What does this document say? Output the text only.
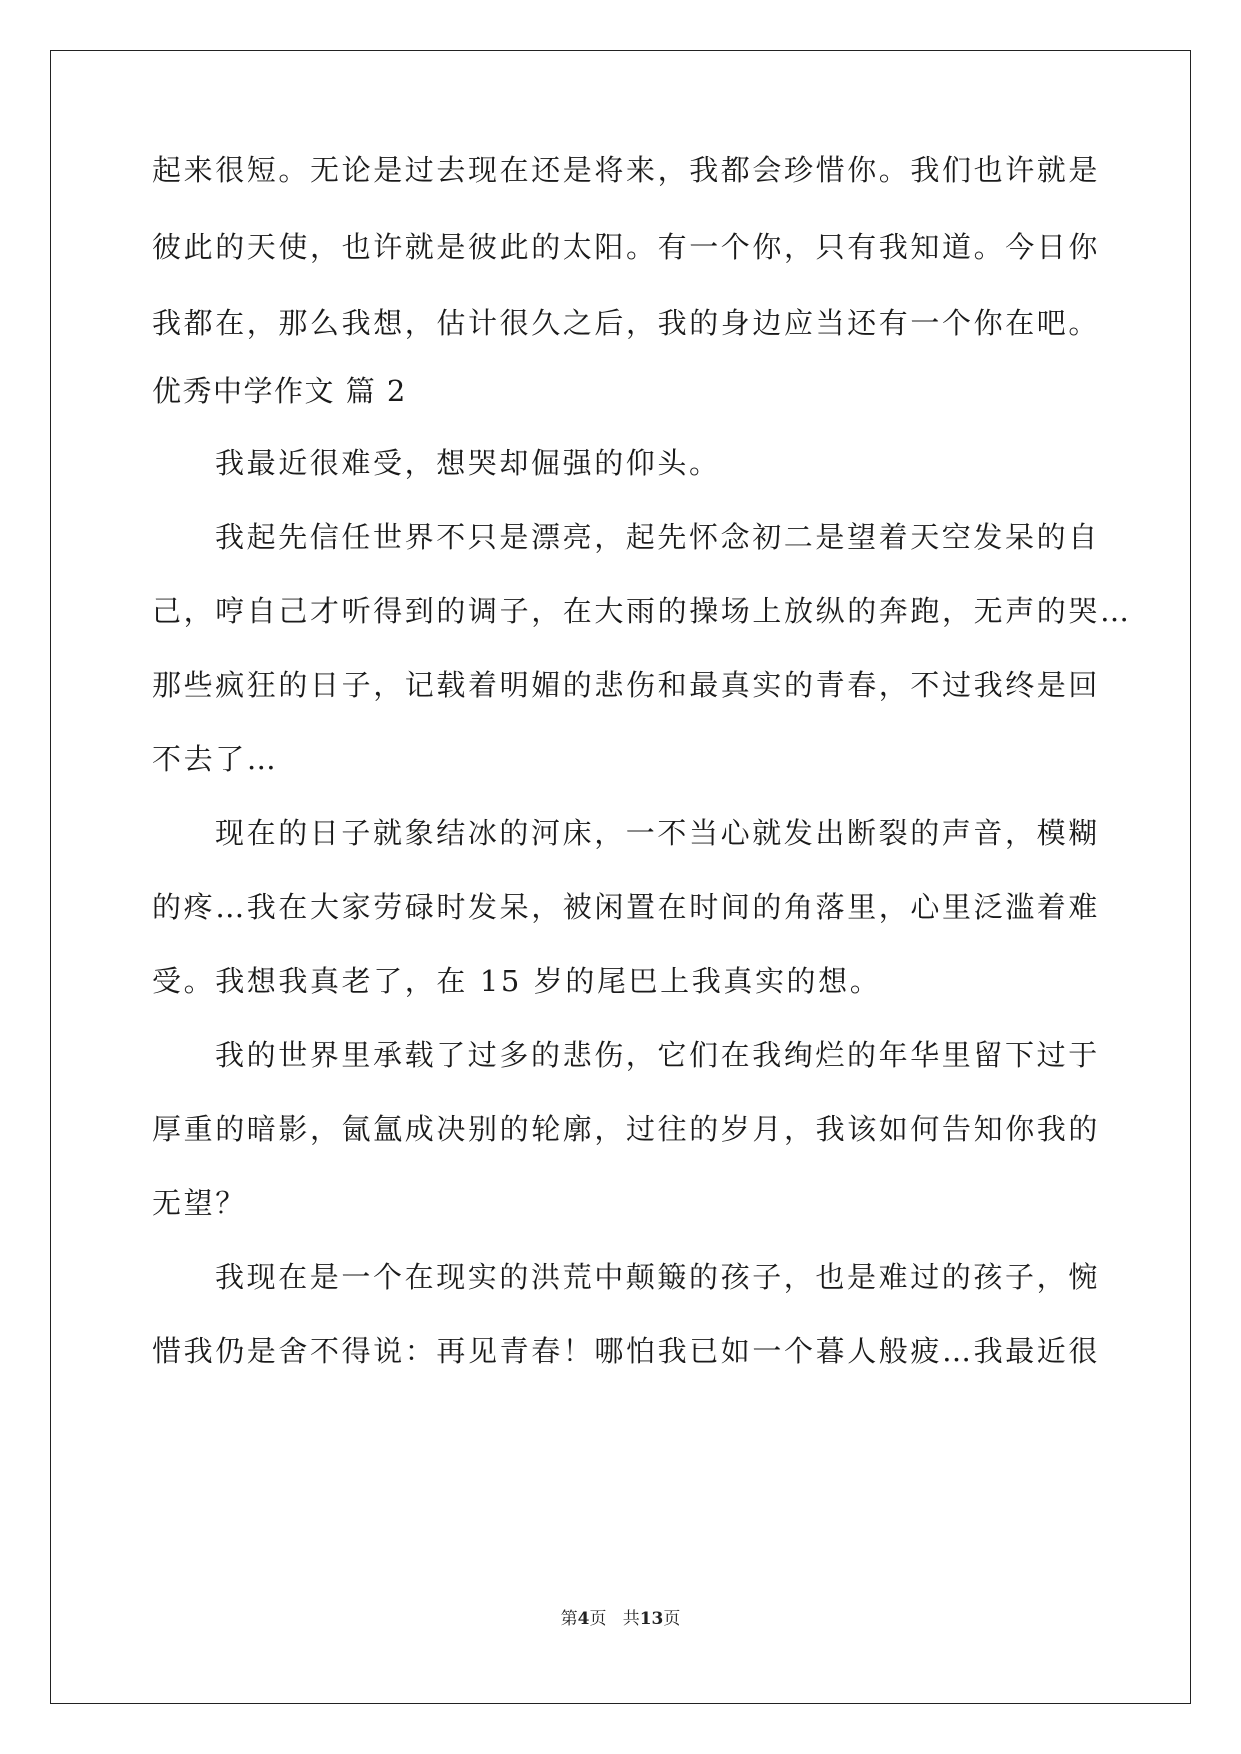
起来很短。无论是过去现在还是将来，我都会珍惜你。我们也许就是
彼此的天使，也许就是彼此的太阳。有一个你，只有我知道。今日你
我都在，那么我想，估计很久之后，我的身边应当还有一个你在吧。
优秀中学作文 篇 2
我最近很难受，想哭却倔强的仰头。
我起先信任世界不只是漂亮，起先怀念初二是望着天空发呆的自
己，哼自己才听得到的调子，在大雨的操场上放纵的奔跑，无声的哭…
那些疯狂的日子，记载着明媚的悲伤和最真实的青春，不过我终是回
不去了…
现在的日子就象结冰的河床，一不当心就发出断裂的声音，模糊
的疼…我在大家劳碌时发呆，被闲置在时间的角落里，心里泛滥着难
受。我想我真老了，在 15 岁的尾巴上我真实的想。
我的世界里承载了过多的悲伤，它们在我绚烂的年华里留下过于
厚重的暗影，氤氲成决别的轮廓，过往的岁月，我该如何告知你我的
无望？
我现在是一个在现实的洪荒中颠簸的孩子，也是难过的孩子，惋
惜我仍是舍不得说：再见青春！哪怕我已如一个暮人般疲…我最近很
第4页 共13页
